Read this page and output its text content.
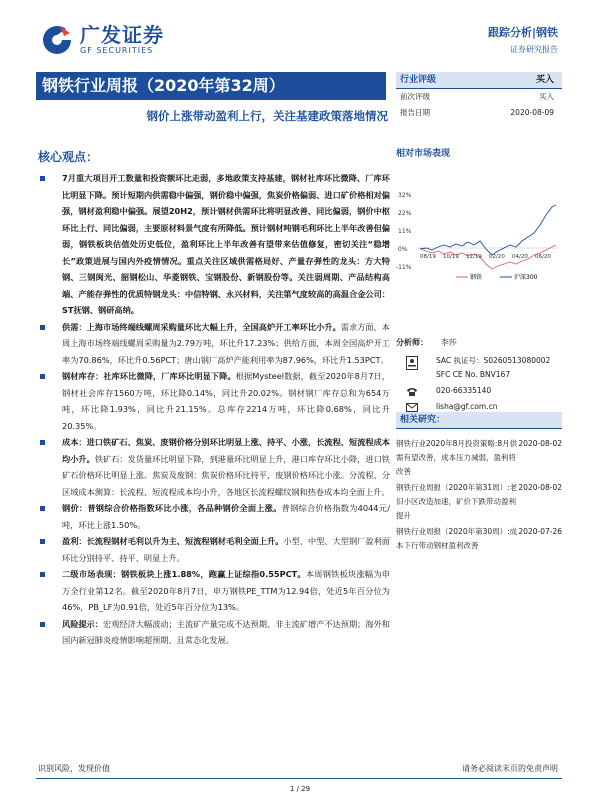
广发证券
GF SECURITIES
跟踪分析|钢铁
证券研究报告
钢铁行业周报（2020年第32周）
钢价上涨带动盈利上行，关注基建政策落地情况
核心观点：
7月重大项目开工数量和投资额环比走弱，多地政策支持基建，钢材社库环比微降、厂库环比明显下降。预计短期内供需稳中偏强，钢价稳中偏强，焦炭价格偏弱、进口矿价格相对偏强，钢材盈利稳中偏强。展望20H2，预计钢材供需环比将明显改善、同比偏弱，钢价中枢环比上行、同比偏弱，主要原材料景气度有所降低。预计钢材吨钢毛利环比上半年改善但偏弱，钢铁板块估值处历史低位，盈利环比上半年改善有望带来估值修复，密切关注“稳增长”政策进展与国内外疫情情况。重点关注区域供需格局好、产量存弹性的龙头：方大特钢、三钢闽光、韶钢松山、华菱钢铁、宝钢股份、新钢股份等。关注弱周期、产品结构高端、产能存弹性的优质特钢龙头：中信特钢、永兴材料，关注第气度较高的高温合金公司：ST抚钢、钢研高纳。
供需：上海市场终端线螺周采购量环比大幅上升，全国高炉开工率环比小升。需求方面，本周上海市场终端线螺周采购量为2.79万吨，环比升17.23%；供给方面，本周全国高炉开工率为70.86%，环比升0.56PCT；唐山钢厂高炉产能利用率为87.96%，环比升1.53PCT。
钢材库存：社库环比微降，厂库环比明显下降。根据Mysteel数据，截至2020年8月7日，钢材社会库存1560万吨，环比降0.14%，同比升20.02%。钢材钢厂库存总和为654万吨，环比降1.93%，同比升21.15%。总库存2214万吨，环比降0.68%，同比升20.35%。
成本：进口铁矿石、焦炭、废钢价格分别环比明显上涨、持平、小涨，长流程、短流程成本均小升。铁矿石：发货量环比明显下降，到港量环比明显上升，港口库存环比小降，进口铁矿石价格环比明显上涨。焦炭及废钢：焦炭价格环比持平，废钢价格环比小涨。分流程、分区域成本测算：长流程、短流程成本均小升，各地区长流程螺纹钢和热卷成本均全面上升。
钢价：普钢综合价格指数环比小涨，各品种钢价全面上涨。普钢综合价格指数为4044元/吨，环比上涨1.50%。
盈利：长流程钢材毛利以升为主、短流程钢材毛利全面上升。小型、中型、大型钢厂盈利面环比分别持平、持平、明显上升。
二级市场表现：钢铁板块上涨1.88%，跑赢上证综指0.55PCT。本周钢铁板块涨幅为申万全行业第12名。截至2020年8月7日，申万钢铁PE_TTM为12.94倍，处近5年百分位为46%，PB_LF为0.91倍，处近5年百分位为13%。
风险提示：宏观经济大幅波动；主流矿产量完成不达预期、非主流矿增产不达预期；海外和国内新冠肺炎疫情影响超预期、且常态化发展。
行业评级	买入
前次评级	买入
报告日期	2020-08-09
相对市场表现
32%
22%
11%
0%
-11%
08/19 10/19 12/19 02/20 04/20 06/20
钢铁	沪深300
分析师： 李莎
SAC 执证号：S0260513080002
SFC CE No. BNV167
020-66335140
lisha@gf.com.cn
相关研究：
钢铁行业2020年8月投资策略:8月供需有望改善，成本压力减弱，盈利将改善
2020-08-02
钢铁行业周报（2020年第31周）:老旧小区改造加速，矿价下跌带动盈利提升
2020-08-02
钢铁行业周报（2020年第30周）:成本下行带动钢材盈利改善
2020-07-26
识别风险，发现价值	请务必阅读末页的免责声明
1 / 29
